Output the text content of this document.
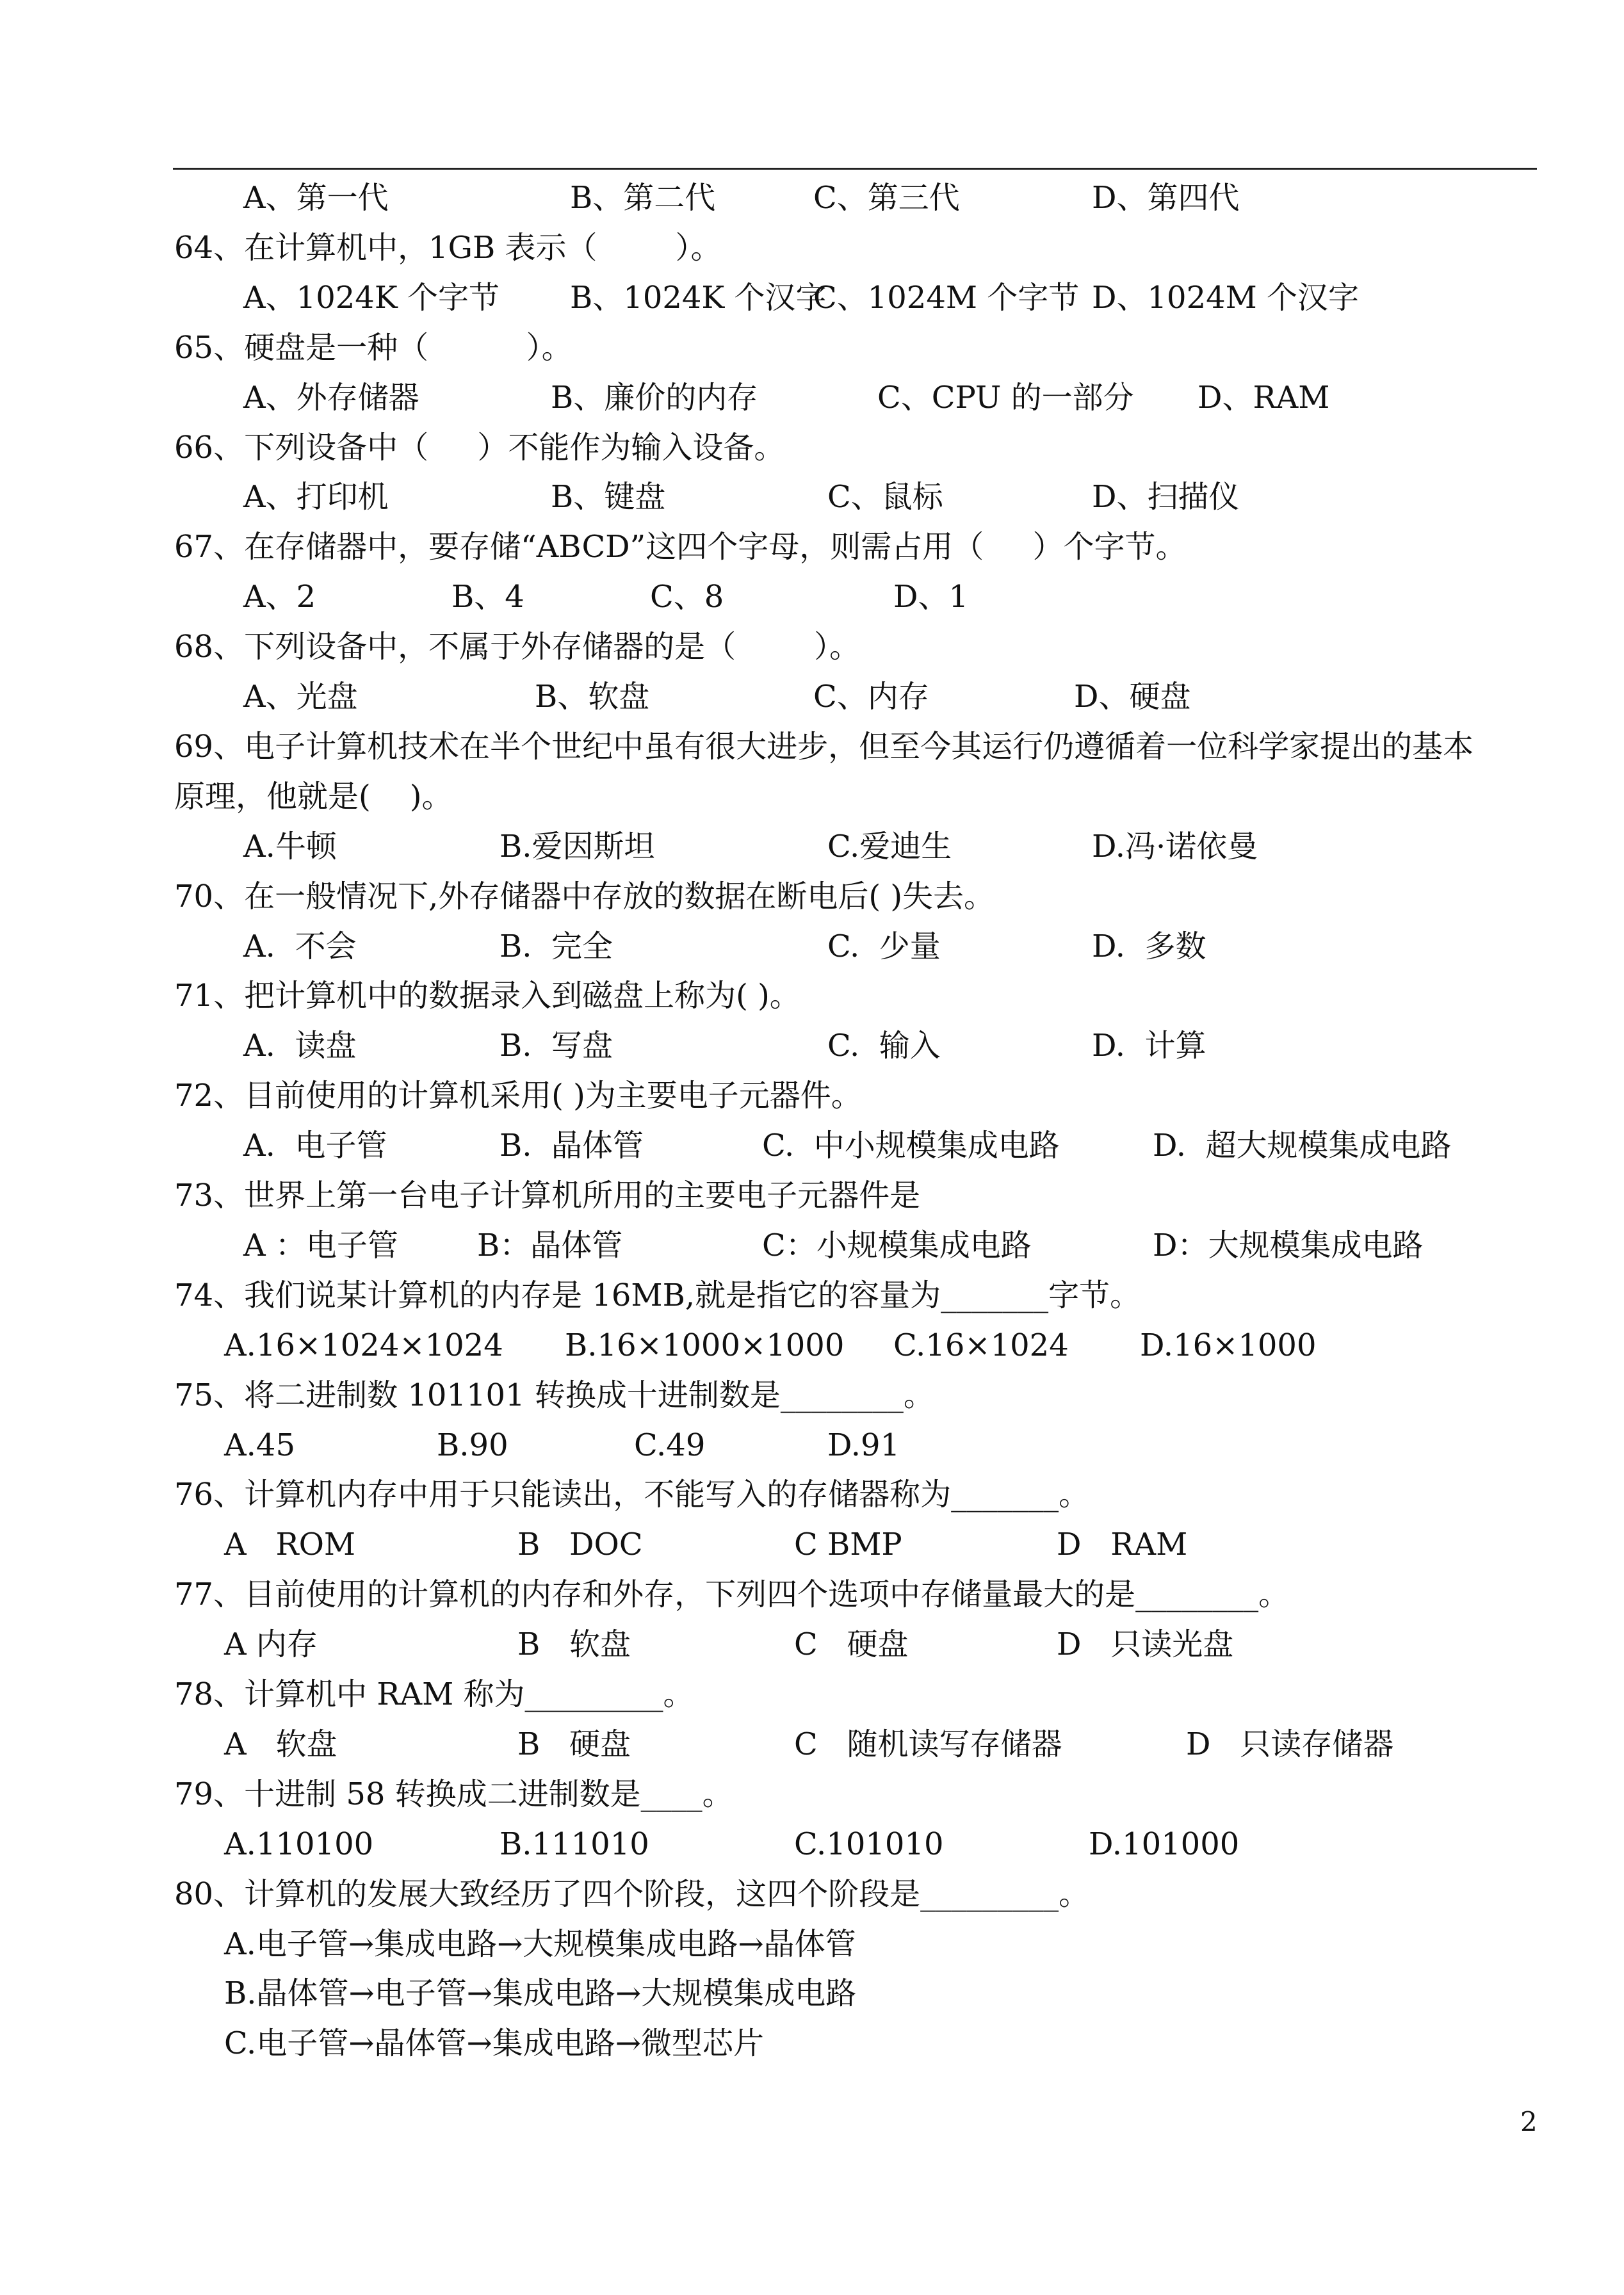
A、第一代	B、第二代	C、第三代	D、第四代
64、在计算机中，1GB 表示（        ）。
A、1024K 个字节 B、1024K 个汉字
C、1024M 个字节 D、1024M 个汉字
65、硬盘是一种（          ）。
A、外存储器	B、廉价的内存	C、CPU 的一部分 D、RAM
66、下列设备中（     ）不能作为输入设备。
A、打印机	B、键盘	C、鼠标	D、扫描仪
67、在存储器中，要存储“ABCD”这四个字母，则需占用（     ）个字节。
A、2	B、4	C、8	D、1
68、下列设备中，不属于外存储器的是（        ）。
A、光盘	B、软盘	C、内存	D、硬盘
69、电子计算机技术在半个世纪中虽有很大进步，但至今其运行仍遵循着一位科学家提出的基本
原理，他就是(    )。
A.牛顿	B.爱因斯坦	C.爱迪生	D.冯·诺依曼
70、在一般情况下,外存储器中存放的数据在断电后( )失去。
A.  不会	B.  完全	C.  少量	D.  多数
71、把计算机中的数据录入到磁盘上称为( )。
A.  读盘	B.  写盘	C.  输入	D.  计算
72、目前使用的计算机采用( )为主要电子元器件。
A.  电子管	B.  晶体管	C.  中小规模集成电路	D.  超大规模集成电路
73、世界上第一台电子计算机所用的主要电子元器件是
A ：电子管	B：晶体管	C：小规模集成电路	D：大规模集成电路
74、我们说某计算机的内存是 16MB,就是指它的容量为_______字节。
A.16×1024×1024 B.16×1000×1000 C.16×1024 D.16×1000
75、将二进制数 101101 转换成十进制数是________。
A.45	B.90	C.49	D.91
76、计算机内存中用于只能读出，不能写入的存储器称为_______。
A   ROM	B   DOC	C BMP	D   RAM
77、目前使用的计算机的内存和外存，下列四个选项中存储量最大的是________。
A 内存	B   软盘	C   硬盘	D   只读光盘
78、计算机中 RAM 称为_________。
A   软盘	B   硬盘	C   随机读写存储器	D   只读存储器
79、十进制 58 转换成二进制数是____。
A.110100	B.111010	C.101010	D.101000
80、计算机的发展大致经历了四个阶段，这四个阶段是_________。
A.电子管→集成电路→大规模集成电路→晶体管
B.晶体管→电子管→集成电路→大规模集成电路
C.电子管→晶体管→集成电路→微型芯片
2
